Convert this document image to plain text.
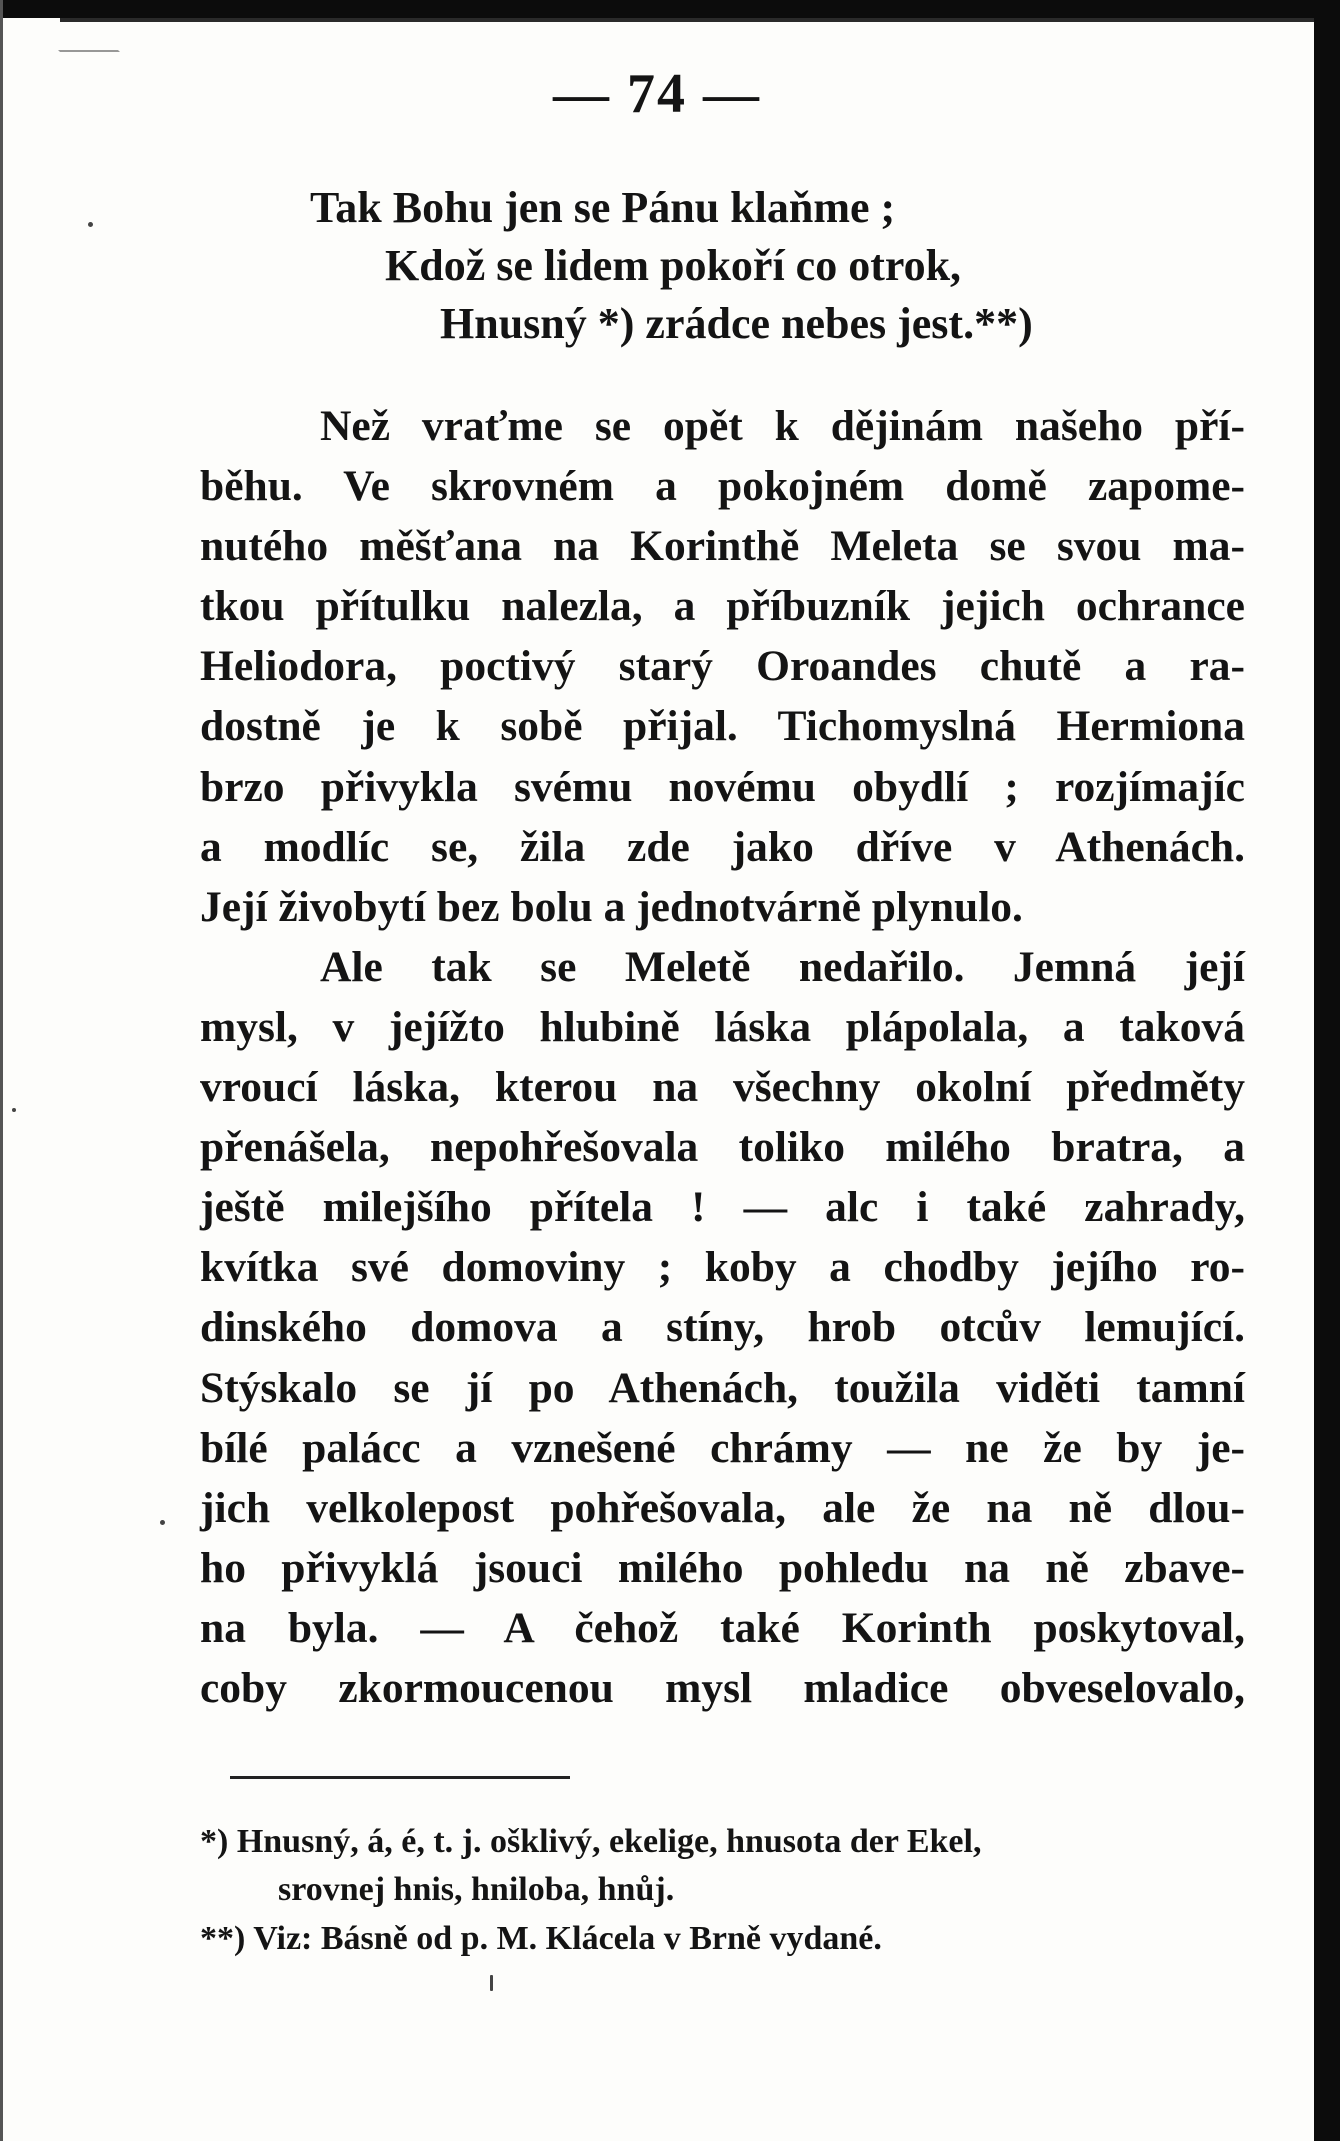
— 74 —
Tak Bohu jen se Pánu klaňme ;
Kdož se lidem pokoří co otrok,
Hnusný *) zrádce nebes jest.**)
Než vraťme se opět k dějinám našeho pří-
běhu. Ve skrovném a pokojném domě zapome-
nutého měšťana na Korinthě Meleta se svou ma-
tkou přítulku nalezla, a příbuzník jejich ochrance
Heliodora, poctivý starý Oroandes chutě a ra-
dostně je k sobě přijal. Tichomyslná Hermiona
brzo přivykla svému novému obydlí ; rozjímajíc
a modlíc se, žila zde jako dříve v Athenách.
Její živobytí bez bolu a jednotvárně plynulo.
Ale tak se Meletě nedařilo. Jemná její
mysl, v jejížto hlubině láska plápolala, a taková
vroucí láska, kterou na všechny okolní předměty
přenášela, nepohřešovala toliko milého bratra, a
ještě milejšího přítela ! — alc i také zahrady,
kvítka své domoviny ; koby a chodby jejího ro-
dinského domova a stíny, hrob otcův lemující.
Stýskalo se jí po Athenách, toužila viděti tamní
bílé palácc a vznešené chrámy — ne že by je-
jich velkolepost pohřešovala, ale že na ně dlou-
ho přivyklá jsouci milého pohledu na ně zbave-
na byla. — A čehož také Korinth poskytoval,
coby zkormoucenou mysl mladice obveselovalo,
*) Hnusný, á, é, t. j. ošklivý, ekelige, hnusota der Ekel,
srovnej hnis, hniloba, hnůj.
**) Viz: Básně od p. M. Klácela v Brně vydané.
